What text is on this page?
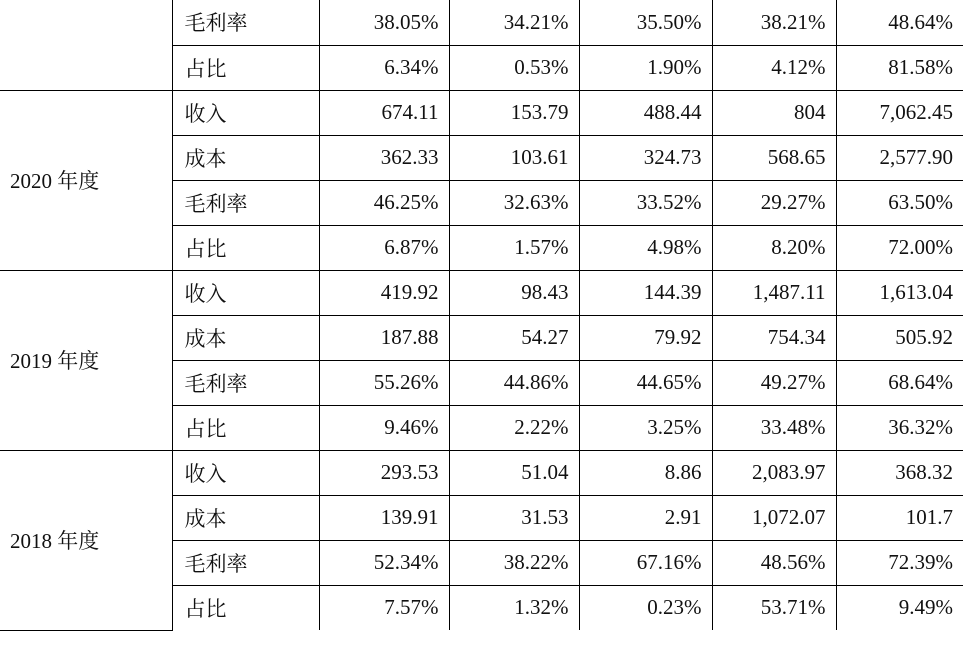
	毛利率	38.05%	34.21%	35.50%	38.21%	48.64%
	占比	6.34%	0.53%	1.90%	4.12%	81.58%
2020 年度	收入	674.11	153.79	488.44	804	7,062.45
	成本	362.33	103.61	324.73	568.65	2,577.90
	毛利率	46.25%	32.63%	33.52%	29.27%	63.50%
	占比	6.87%	1.57%	4.98%	8.20%	72.00%
2019 年度	收入	419.92	98.43	144.39	1,487.11	1,613.04
	成本	187.88	54.27	79.92	754.34	505.92
	毛利率	55.26%	44.86%	44.65%	49.27%	68.64%
	占比	9.46%	2.22%	3.25%	33.48%	36.32%
2018 年度	收入	293.53	51.04	8.86	2,083.97	368.32
	成本	139.91	31.53	2.91	1,072.07	101.7
	毛利率	52.34%	38.22%	67.16%	48.56%	72.39%
	占比	7.57%	1.32%	0.23%	53.71%	9.49%
